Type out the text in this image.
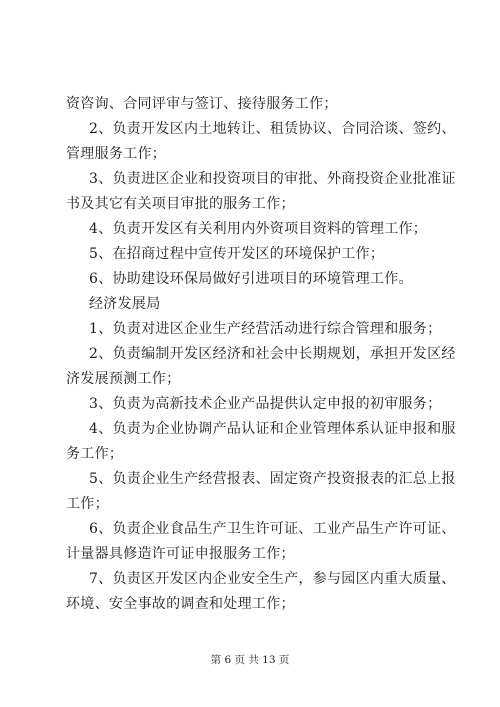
资咨询、合同评审与签订、接待服务工作；
2、负责开发区内土地转让、租赁协议、合同洽谈、签约、
管理服务工作；
3、负责进区企业和投资项目的审批、外商投资企业批准证
书及其它有关项目审批的服务工作；
4、负责开发区有关利用内外资项目资料的管理工作；
5、在招商过程中宣传开发区的环境保护工作；
6、协助建设环保局做好引进项目的环境管理工作。
经济发展局
1、负责对进区企业生产经营活动进行综合管理和服务；
2、负责编制开发区经济和社会中长期规划，承担开发区经
济发展预测工作；
3、负责为高新技术企业产品提供认定申报的初审服务；
4、负责为企业协调产品认证和企业管理体系认证申报和服
务工作；
5、负责企业生产经营报表、固定资产投资报表的汇总上报
工作；
6、负责企业食品生产卫生许可证、工业产品生产许可证、
计量器具修造许可证申报服务工作；
7、负责区开发区内企业安全生产，参与园区内重大质量、
环境、安全事故的调查和处理工作；
第 6 页 共 13 页
